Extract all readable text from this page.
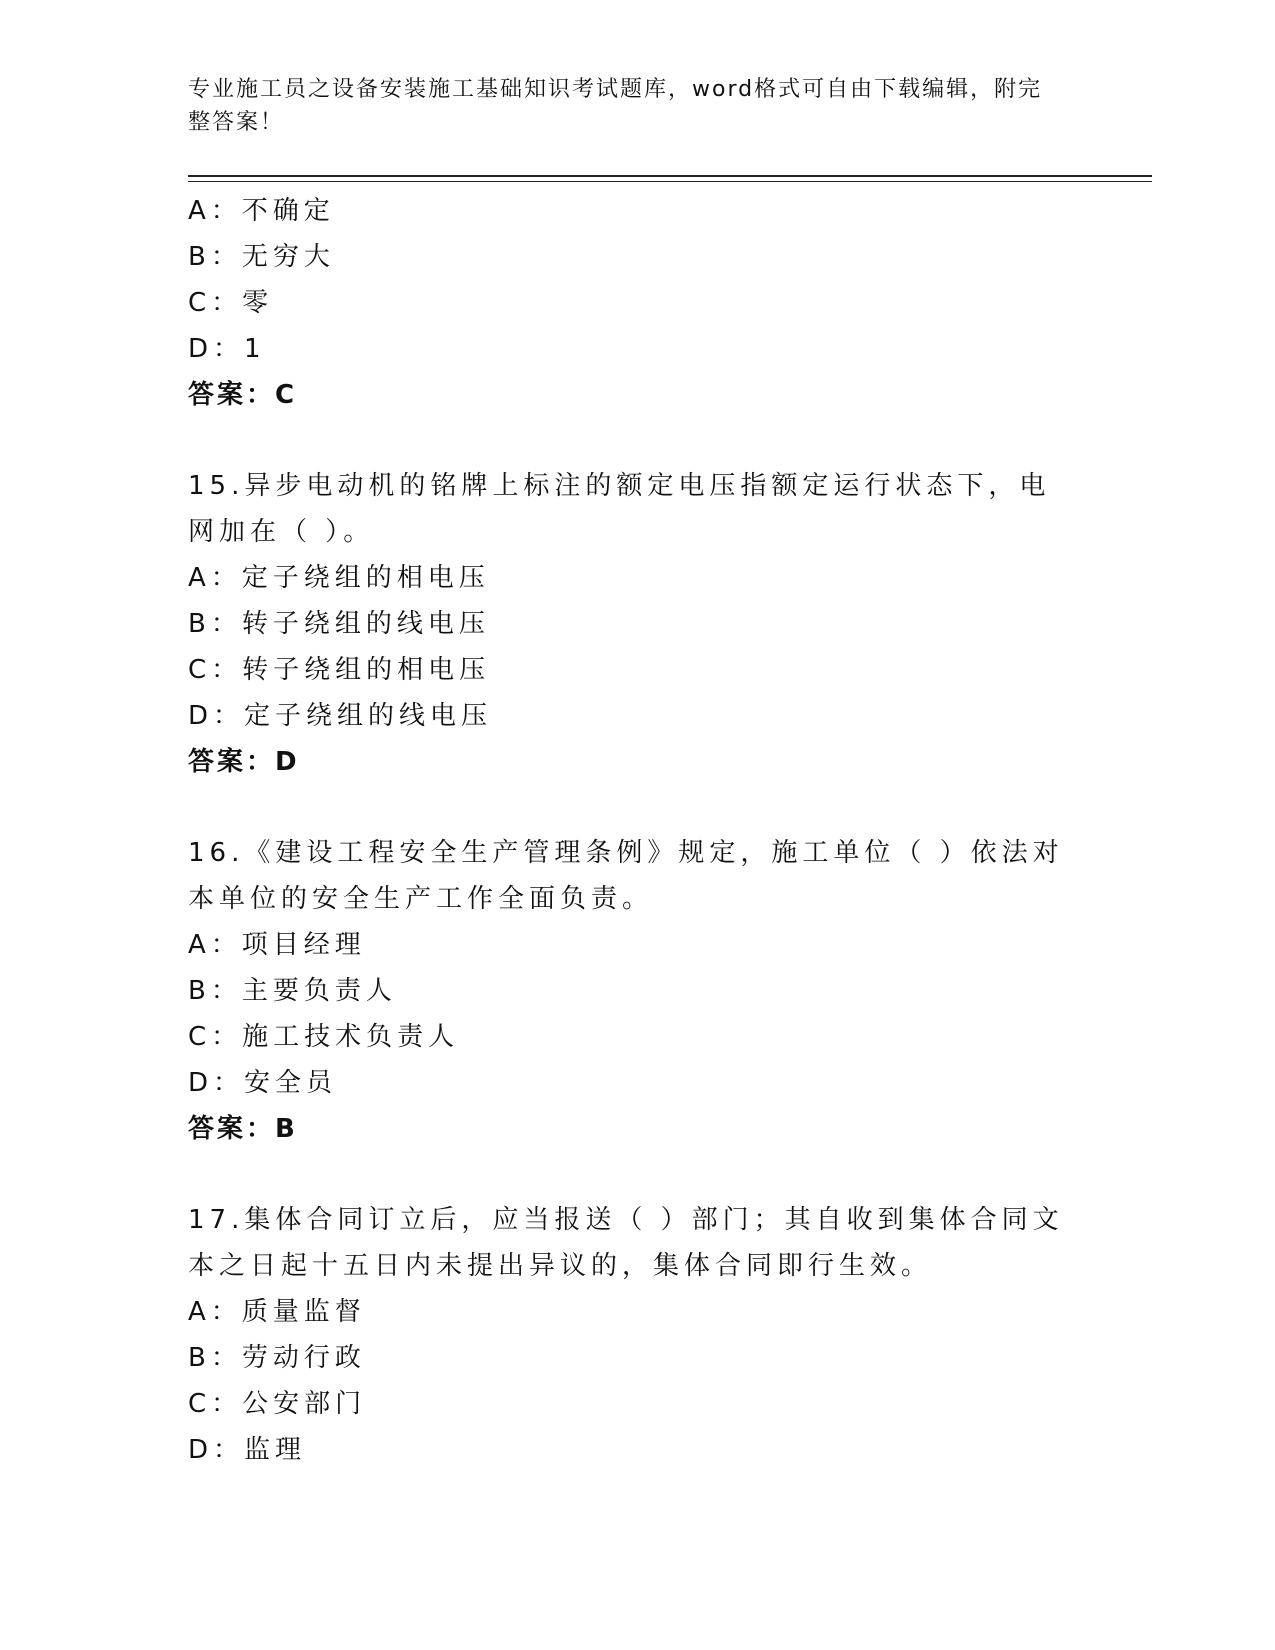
专业施工员之设备安装施工基础知识考试题库，word格式可自由下载编辑，附完
整答案！
A：不确定
B：无穷大
C：零
D：1
答案：C
15.异步电动机的铭牌上标注的额定电压指额定运行状态下，电网加在（ ）。
A：定子绕组的相电压
B：转子绕组的线电压
C：转子绕组的相电压
D：定子绕组的线电压
答案：D
16.《建设工程安全生产管理条例》规定，施工单位（ ）依法对本单位的安全生产工作全面负责。
A：项目经理
B：主要负责人
C：施工技术负责人
D：安全员
答案：B
17.集体合同订立后，应当报送（ ）部门；其自收到集体合同文本之日起十五日内未提出异议的，集体合同即行生效。
A：质量监督
B：劳动行政
C：公安部门
D：监理
